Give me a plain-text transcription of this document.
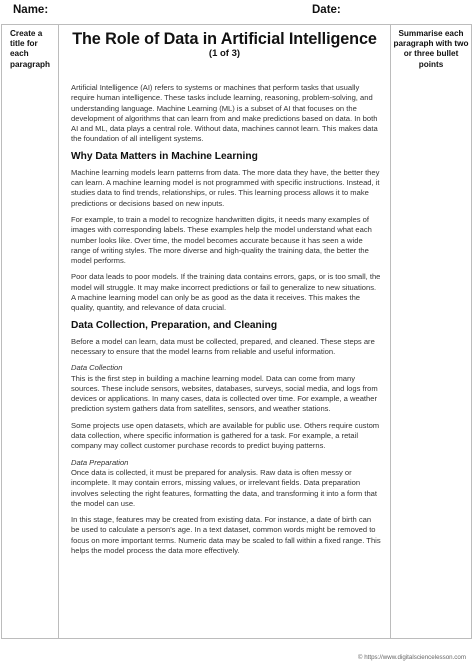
Name:	Date:
Create a title for each paragraph
The Role of Data in Artificial Intelligence
(1 of 3)

Artificial Intelligence (AI) refers to systems or machines that perform tasks that usually require human intelligence. These tasks include learning, reasoning, problem-solving, and understanding language. Machine Learning (ML) is a subset of AI that focuses on the development of algorithms that can learn from and make predictions based on data. In both AI and ML, data plays a central role. Without data, machines cannot learn. This makes data the foundation of all intelligent systems.

Why Data Matters in Machine Learning

Machine learning models learn patterns from data. The more data they have, the better they can learn. A machine learning model is not programmed with specific instructions. Instead, it studies data to find trends, relationships, or rules. This learning process allows it to make predictions or decisions based on new inputs.

For example, to train a model to recognize handwritten digits, it needs many examples of images with corresponding labels. These examples help the model understand what each number looks like. Over time, the model becomes accurate because it has seen a wide range of writing styles. The more diverse and high-quality the training data, the better the model performs.

Poor data leads to poor models. If the training data contains errors, gaps, or is too small, the model will struggle. It may make incorrect predictions or fail to generalize to new situations. A machine learning model can only be as good as the data it receives. This makes the quality, quantity, and relevance of data crucial.

Data Collection, Preparation, and Cleaning

Before a model can learn, data must be collected, prepared, and cleaned. These steps are necessary to ensure that the model learns from reliable and useful information.

Data Collection

This is the first step in building a machine learning model. Data can come from many sources. These include sensors, websites, databases, surveys, social media, and logs from devices or applications. In many cases, data is collected over time. For example, a weather prediction system gathers data from satellites, sensors, and weather stations.

Some projects use open datasets, which are available for public use. Others require custom data collection, where specific information is gathered for a task. For example, a retail company may collect customer purchase records to predict buying patterns.

Data Preparation

Once data is collected, it must be prepared for analysis. Raw data is often messy or incomplete. It may contain errors, missing values, or irrelevant fields. Data preparation involves selecting the right features, formatting the data, and transforming it into a form that the model can use.

In this stage, features may be created from existing data. For instance, a date of birth can be used to calculate a person's age. In a text dataset, common words might be removed to focus on more important terms. Numeric data may be scaled to fall within a fixed range. This helps the model process the data more effectively.

Summarise each paragraph with two or three bullet points
© https://www.digitalsciencelesson.com
